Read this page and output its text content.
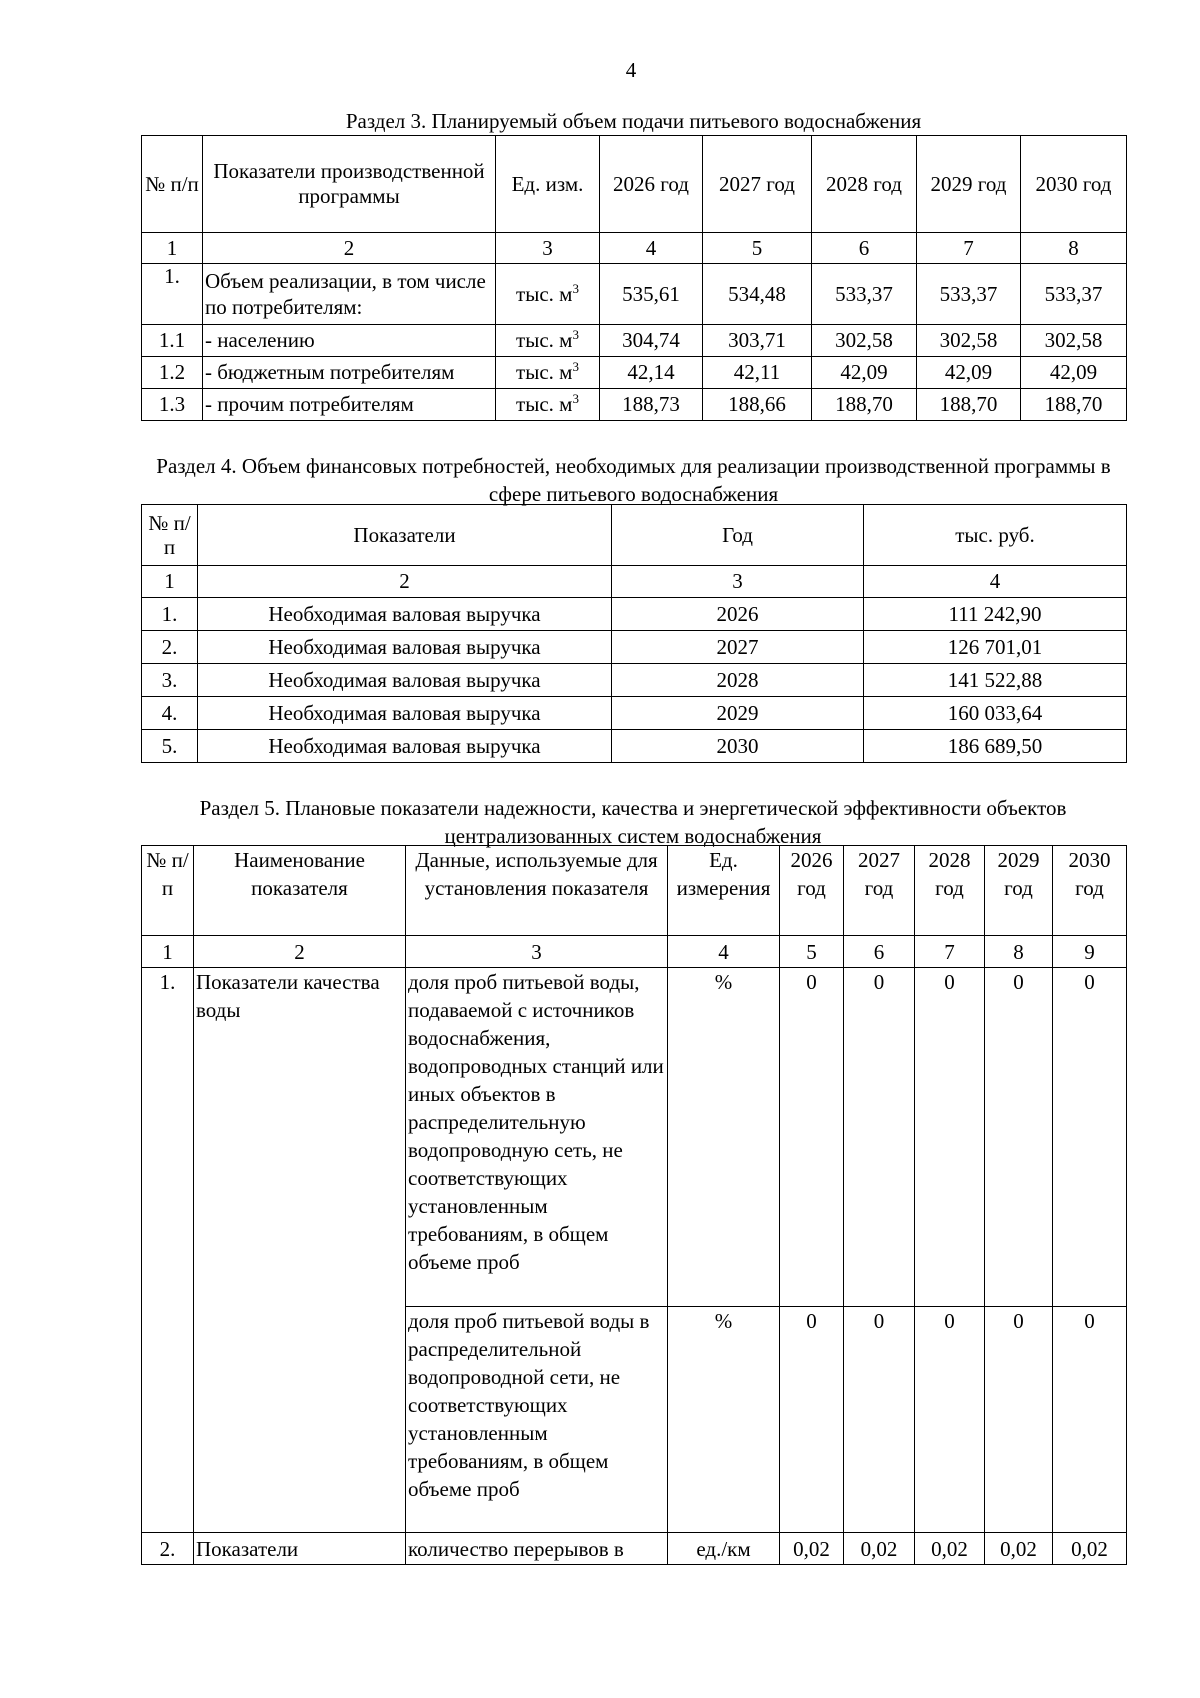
4
Раздел 3. Планируемый объем подачи питьевого водоснабжения
№ п/п	Показатели производственной программы	Ед. изм.	2026 год	2027 год	2028 год	2029 год	2030 год
1	2	3	4	5	6	7	8
1.	Объем реализации, в том числе по потребителям:	тыс. $м^3$	535,61	534,48	533,37	533,37	533,37
1.1	- населению	тыс. $м^3$	304,74	303,71	302,58	302,58	302,58
1.2	- бюджетным потребителям	тыс. $м^3$	42,14	42,11	42,09	42,09	42,09
1.3	- прочим потребителям	тыс. $м^3$	188,73	188,66	188,70	188,70	188,70
Раздел 4. Объем финансовых потребностей, необходимых для реализации производственной программы в сфере питьевого водоснабжения
№ п/п	Показатели	Год	тыс. руб.
1	2	3	4
1.	Необходимая валовая выручка	2026	111 242,90
2.	Необходимая валовая выручка	2027	126 701,01
3.	Необходимая валовая выручка	2028	141 522,88
4.	Необходимая валовая выручка	2029	160 033,64
5.	Необходимая валовая выручка	2030	186 689,50
Раздел 5. Плановые показатели надежности, качества и энергетической эффективности объектов централизованных систем водоснабжения
№ п/п	Наименование показателя	Данные, используемые для установления показателя	Ед. измерения	2026 год	2027 год	2028 год	2029 год	2030 год
1	2	3	4	5	6	7	8	9
1.	Показатели качества воды	доля проб питьевой воды, подаваемой с источников водоснабжения, водопроводных станций или иных объектов в распределительную водопроводную сеть, не соответствующих установленным требованиям, в общем объеме проб	%	0	0	0	0	0
		доля проб питьевой воды в распределительной водопроводной сети, не соответствующих установленным требованиям, в общем объеме проб	%	0	0	0	0	0
2.	Показатели	количество перерывов в	ед./км	0,02	0,02	0,02	0,02	0,02
